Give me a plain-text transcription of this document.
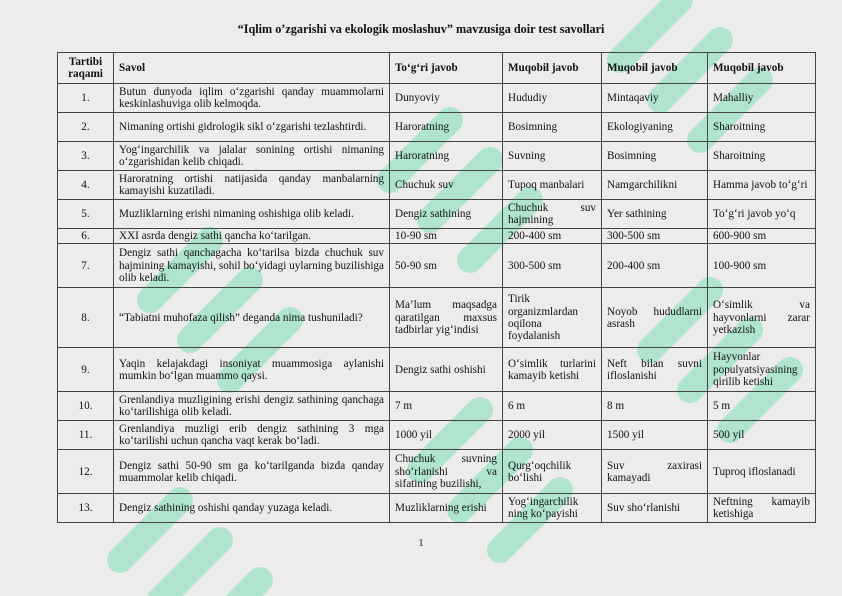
“Iqlim o’zgarishi va ekologik moslashuv” mavzusiga doir test savollari
Tartibi raqami	Savol	To‘g‘ri javob	Muqobil javob	Muqobil javob	Muqobil javob
1.	Butun dunyoda iqlim o‘zgarishi qanday muammolarni keskinlashuviga olib kelmoqda.	Dunyoviy	Hududiy	Mintaqaviy	Mahalliy
2.	Nimaning ortishi gidrologik sikl o‘zgarishi tezlashtirdi.	Haroratning	Bosimning	Ekologiyaning	Sharoitning
3.	Yog‘ingarchilik va jalalar sonining ortishi nimaning o‘zgarishidan kelib chiqadi.	Haroratning	Suvning	Bosimning	Sharoitning
4.	Haroratning ortishi natijasida qanday manbalarning kamayishi kuzatiladi.	Chuchuk suv	Tupoq manbalari	Namgarchilikni	Hamma javob to‘g‘ri
5.	Muzliklarning erishi nimaning oshishiga olib keladi.	Dengiz sathining	Chuchuk suv hajmining	Yer sathining	To‘g‘ri javob yo‘q
6.	XXI asrda dengiz sathi qancha ko‘tarilgan.	10-90 sm	200-400 sm	300-500 sm	600-900 sm
7.	Dengiz sathi qanchagacha ko‘tarilsa bizda chuchuk suv hajmining kamayishi, sohil bo‘yidagi uylarning buzilishiga olib keladi.	50-90 sm	300-500 sm	200-400 sm	100-900 sm
8.	“Tabiatni muhofaza qilish” deganda nima tushuniladi?	Ma’lum maqsadga qaratilgan maxsus tadbirlar yig‘indisi	Tirik organizmlardan oqilona foydalanish	Noyob hududlarni asrash	O‘simlik va hayvonlarni zarar yetkazish
9.	Yaqin kelajakdagi insoniyat muammosiga aylanishi mumkin bo‘lgan muammo qaysi.	Dengiz sathi oshishi	O‘simlik turlarini kamayib ketishi	Neft bilan suvni ifloslanishi	Hayvonlar populyatsiyasining qirilib ketishi
10.	Grenlandiya muzligining erishi dengiz sathining qanchaga ko‘tarilishiga olib keladi.	7 m	6 m	8 m	5 m
11.	Grenlandiya muzligi erib dengiz sathining 3 mga ko‘tarilishi uchun qancha vaqt kerak bo‘ladi.	1000 yil	2000 yil	1500 yil	500 yil
12.	Dengiz sathi 50-90 sm ga ko‘tarilganda bizda qanday muammolar kelib chiqadi.	Chuchuk suvning sho‘rlanishi va sifatining buzilishi,	Qurg‘oqchilik bo‘lishi	Suv zaxirasi kamayadi	Tuproq ifloslanadi
13.	Dengiz sathining oshishi qanday yuzaga keladi.	Muzliklarning erishi	Yog‘ingarchilik ning ko‘payishi	Suv sho‘rlanishi	Neftning kamayib ketishiga
1
